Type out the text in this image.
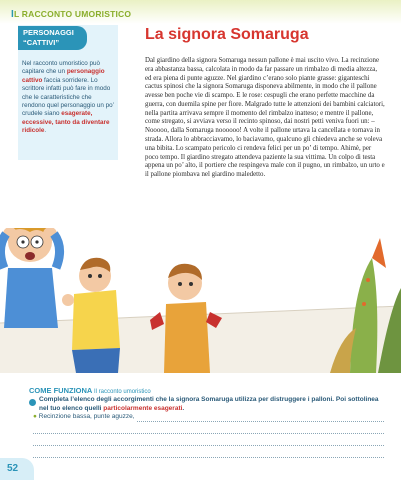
IL RACCONTO UMORISTICO
PERSONAGGI “CATTIVI”
Nel racconto umoristico può capitare che un personaggio cattivo faccia sorridere. Lo scrittore infatti può fare in modo che le caratteristiche che rendono quel personaggio un po’ crudele siano esagerate, eccessive, tanto da diventare ridicole.
La signora Somaruga
Dal giardino della signora Somaruga nessun pallone è mai uscito vivo. La recinzione era abbastanza bassa, calcolata in modo da far passare un rimbalzo di media altezza, ed era piena di punte aguzze. Nel giardino c’erano solo piante grasse: giganteschi cactus spinosi che la signora Somaruga disponeva abilmente, in modo che il pallone avesse ben poche vie di scampo. E le rose: cespugli che erano perfette macchine da guerra, con duemila spine per fiore. Malgrado tutte le attenzioni dei bambini calciatori, nella partita arrivava sempre il momento del rimbalzo inatteso; e mentre il pallone, come stregato, si avviava verso il recinto spinoso, dai nostri petti veniva fuori un: – Nooooo, dalla Somaruga noooooo! A volte il pallone urtava la cancellata e tornava in strada. Allora lo abbracciavamo, lo baciavamo, qualcuno gli chiedeva anche se voleva una bibita. Lo scampato pericolo ci rendeva felici per un po’ di tempo. Ahimè, per poco tempo. Il giardino stregato attendeva paziente la sua vittima. Un colpo di testa appena un po’ alto, il portiere che respingeva male con il pugno, un rimbalzo, un urto e il pallone piombava nel giardino maledetto.
COME FUNZIONA Il racconto umoristico
Completa l’elenco degli accorgimenti che la signora Somaruga utilizza per distruggere i palloni. Poi sottolinea nel tuo elenco quelli particolarmente esagerati.
● Recinzione bassa, punte aguzze,
52
